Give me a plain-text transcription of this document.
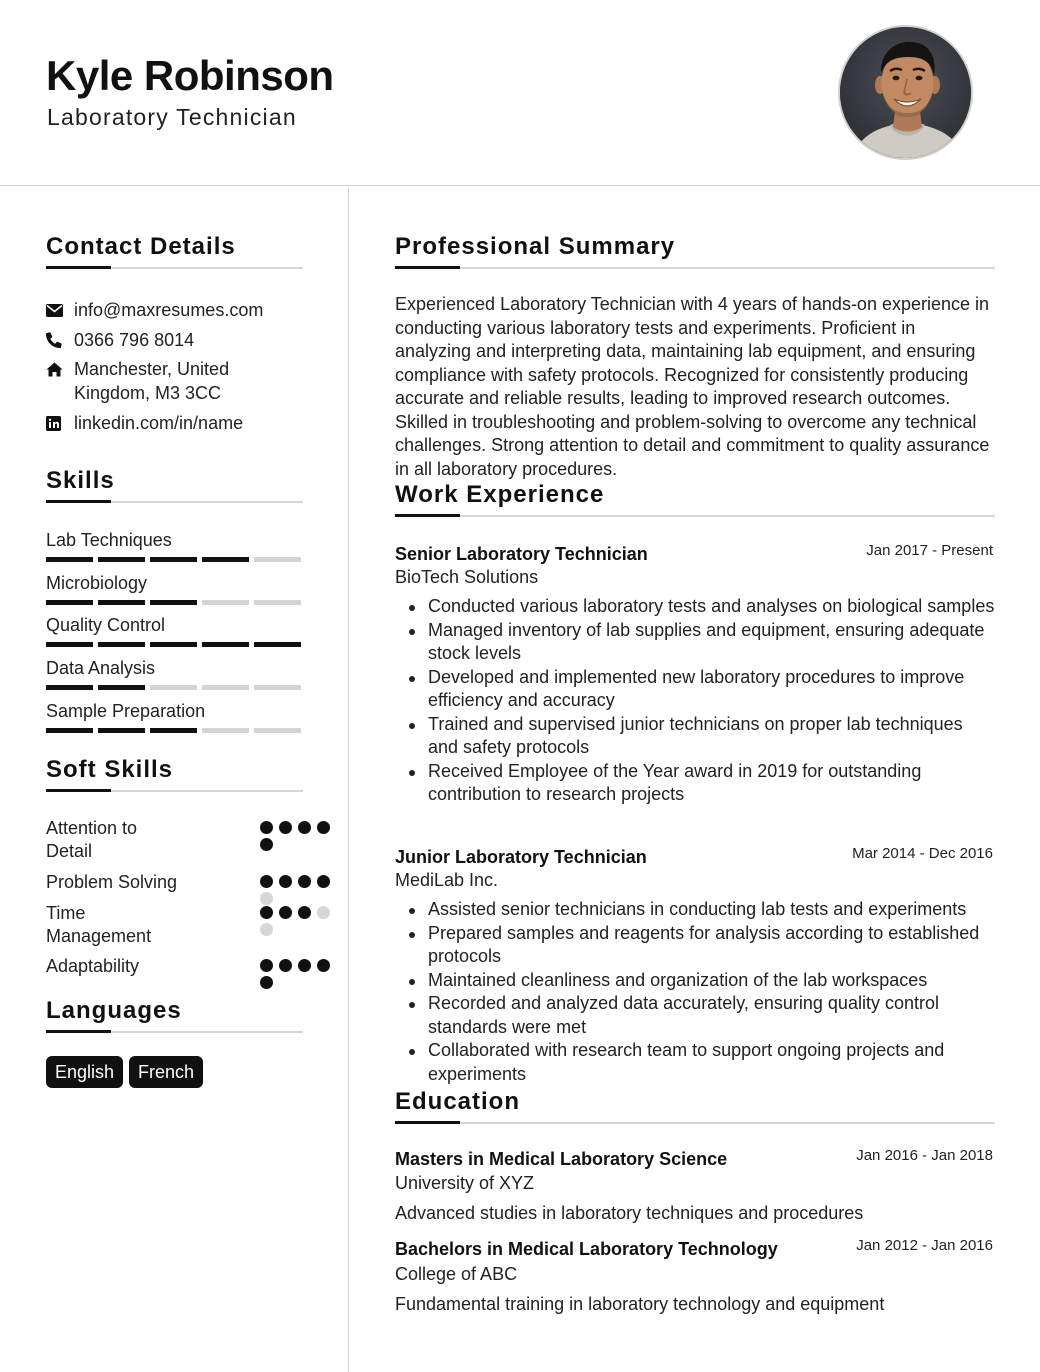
Kyle Robinson
Laboratory Technician
Contact Details
info@maxresumes.com
0366 796 8014
Manchester, United
Kingdom, M3 3CC
linkedin.com/in/name
Skills
Lab Techniques
Microbiology
Quality Control
Data Analysis
Sample Preparation
Soft Skills
Attention to Detail
Problem Solving
Time Management
Adaptability
Languages
English	French
Professional Summary
Experienced Laboratory Technician with 4 years of hands-on experience in conducting various laboratory tests and experiments. Proficient in analyzing and interpreting data, maintaining lab equipment, and ensuring compliance with safety protocols. Recognized for consistently producing accurate and reliable results, leading to improved research outcomes. Skilled in troubleshooting and problem-solving to overcome any technical challenges. Strong attention to detail and commitment to quality assurance in all laboratory procedures.
Work Experience
Senior Laboratory Technician	Jan 2017 - Present
BioTech Solutions
Conducted various laboratory tests and analyses on biological samples
Managed inventory of lab supplies and equipment, ensuring adequate stock levels
Developed and implemented new laboratory procedures to improve efficiency and accuracy
Trained and supervised junior technicians on proper lab techniques and safety protocols
Received Employee of the Year award in 2019 for outstanding contribution to research projects
Junior Laboratory Technician	Mar 2014 - Dec 2016
MediLab Inc.
Assisted senior technicians in conducting lab tests and experiments
Prepared samples and reagents for analysis according to established protocols
Maintained cleanliness and organization of the lab workspaces
Recorded and analyzed data accurately, ensuring quality control standards were met
Collaborated with research team to support ongoing projects and experiments
Education
Masters in Medical Laboratory Science	Jan 2016 - Jan 2018
University of XYZ
Advanced studies in laboratory techniques and procedures
Bachelors in Medical Laboratory Technology	Jan 2012 - Jan 2016
College of ABC
Fundamental training in laboratory technology and equipment
